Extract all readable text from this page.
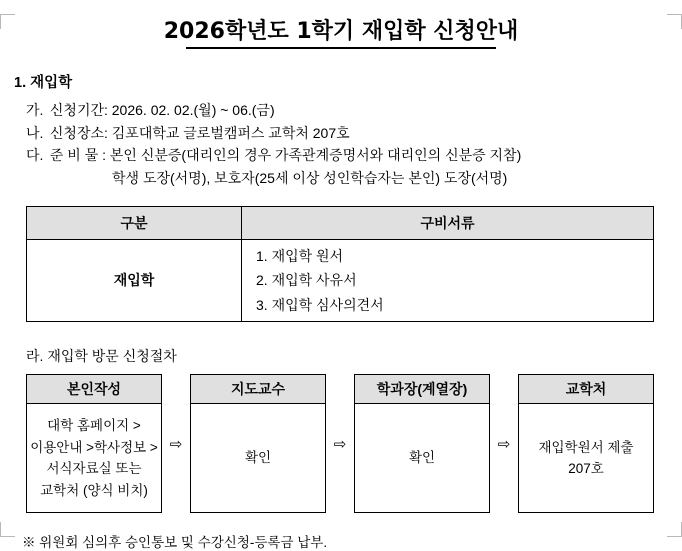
2026학년도 1학기 재입학 신청안내
1. 재입학
가. 신청기간: 2026. 02. 02.(월) ~ 06.(금)
나. 신청장소: 김포대학교 글로벌캠퍼스 교학처 207호
다. 준 비 물 : 본인 신분증(대리인의 경우 가족관계증명서와 대리인의 신분증 지참)
학생 도장(서명), 보호자(25세 이상 성인학습자는 본인) 도장(서명)
구분	구비서류
재입학	1. 재입학 원서
2. 재입학 사유서
3. 재입학 심사의견서
라. 재입학 방문 신청절차
본인작성
대학 홈페이지 >
이용안내 >학사정보 >
서식자료실 또는
교학처 (양식 비치)
⇨
지도교수
확인
⇨
학과장(계열장)
확인
⇨
교학처
재입학원서 제출
207호
※ 위원회 심의후 승인통보 및 수강신청-등록금 납부.
